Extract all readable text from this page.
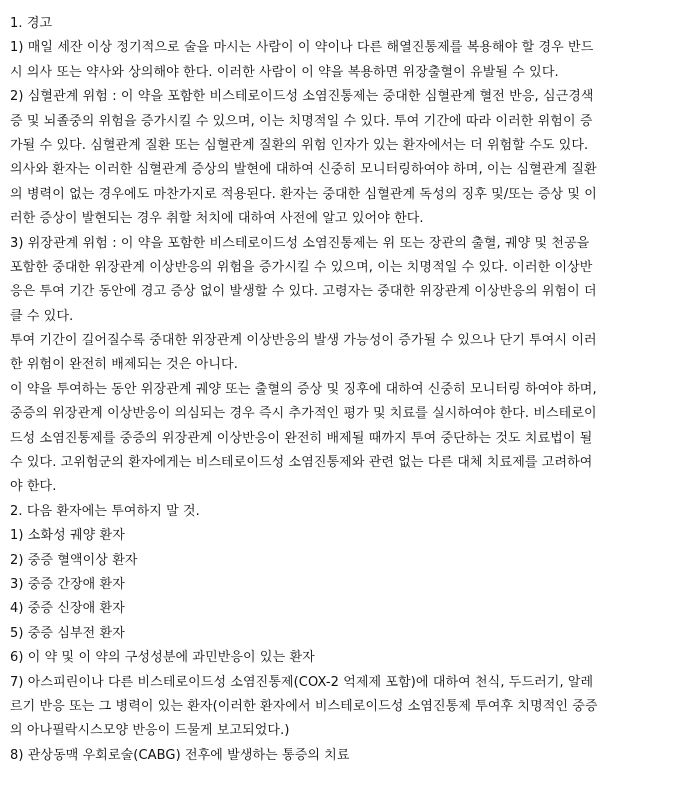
1. 경고
1) 매일 세잔 이상 정기적으로 술을 마시는 사람이 이 약이나 다른 해열진통제를 복용해야 할 경우 반드
시 의사 또는 약사와 상의해야 한다. 이러한 사람이 이 약을 복용하면 위장출혈이 유발될 수 있다.
2) 심혈관계 위험 : 이 약을 포함한 비스테로이드성 소염진통제는 중대한 심혈관계 혈전 반응, 심근경색
증 및 뇌졸중의 위험을 증가시킬 수 있으며, 이는 치명적일 수 있다. 투여 기간에 따라 이러한 위험이 증
가될 수 있다. 심혈관계 질환 또는 심혈관계 질환의 위험 인자가 있는 환자에서는 더 위험할 수도 있다.
의사와 환자는 이러한 심혈관계 증상의 발현에 대하여 신중히 모니터링하여야 하며, 이는 심혈관계 질환
의 병력이 없는 경우에도 마찬가지로 적용된다. 환자는 중대한 심혈관계 독성의 징후 및/또는 증상 및 이
러한 증상이 발현되는 경우 취할 처치에 대하여 사전에 알고 있어야 한다.
3) 위장관계 위험 : 이 약을 포함한 비스테로이드성 소염진통제는 위 또는 장관의 출혈, 궤양 및 천공을
포함한 중대한 위장관계 이상반응의 위험을 증가시킬 수 있으며, 이는 치명적일 수 있다. 이러한 이상반
응은 투여 기간 동안에 경고 증상 없이 발생할 수 있다. 고령자는 중대한 위장관계 이상반응의 위험이 더
클 수 있다.
투여 기간이 길어질수록 중대한 위장관계 이상반응의 발생 가능성이 증가될 수 있으나 단기 투여시 이러
한 위험이 완전히 배제되는 것은 아니다.
이 약을 투여하는 동안 위장관계 궤양 또는 출혈의 증상 및 징후에 대하여 신중히 모니터링 하여야 하며,
중증의 위장관계 이상반응이 의심되는 경우 즉시 추가적인 평가 및 치료를 실시하여야 한다. 비스테로이
드성 소염진통제를 중증의 위장관계 이상반응이 완전히 배제될 때까지 투여 중단하는 것도 치료법이 될
수 있다. 고위험군의 환자에게는 비스테로이드성 소염진통제와 관련 없는 다른 대체 치료제를 고려하여
야 한다.
2. 다음 환자에는 투여하지 말 것.
1) 소화성 궤양 환자
2) 중증 혈액이상 환자
3) 중증 간장애 환자
4) 중증 신장애 환자
5) 중증 심부전 환자
6) 이 약 및 이 약의 구성성분에 과민반응이 있는 환자
7) 아스피린이나 다른 비스테로이드성 소염진통제(COX-2 억제제 포함)에 대하여 천식, 두드러기, 알레
르기 반응 또는 그 병력이 있는 환자(이러한 환자에서 비스테로이드성 소염진통제 투여후 치명적인 중증
의 아나필락시스모양 반응이 드물게 보고되었다.)
8) 관상동맥 우회로술(CABG) 전후에 발생하는 통증의 치료
